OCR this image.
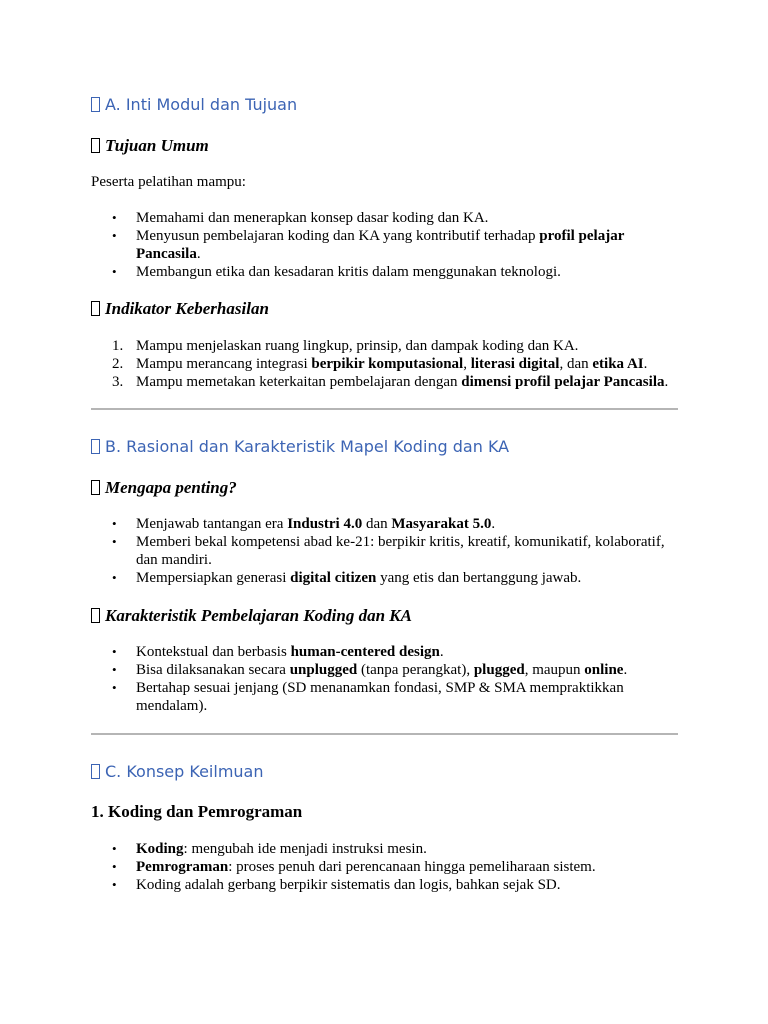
A. Inti Modul dan Tujuan
Tujuan Umum

Peserta pelatihan mampu:

• Memahami dan menerapkan konsep dasar koding dan KA.
• Menyusun pembelajaran koding dan KA yang kontributif terhadap profil pelajar Pancasila.
• Membangun etika dan kesadaran kritis dalam menggunakan teknologi.
Indikator Keberhasilan
1. Mampu menjelaskan ruang lingkup, prinsip, dan dampak koding dan KA.
2. Mampu merancang integrasi berpikir komputasional, literasi digital, dan etika AI.
3. Mampu memetakan keterkaitan pembelajaran dengan dimensi profil pelajar Pancasila.
B. Rasional dan Karakteristik Mapel Koding dan KA
Mengapa penting?
• Menjawab tantangan era Industri 4.0 dan Masyarakat 5.0.
• Memberi bekal kompetensi abad ke-21: berpikir kritis, kreatif, komunikatif, kolaboratif, dan mandiri.
• Mempersiapkan generasi digital citizen yang etis dan bertanggung jawab.
Karakteristik Pembelajaran Koding dan KA
• Kontekstual dan berbasis human-centered design.
• Bisa dilaksanakan secara unplugged (tanpa perangkat), plugged, maupun online.
• Bertahap sesuai jenjang (SD menanamkan fondasi, SMP & SMA mempraktikkan mendalam).
C. Konsep Keilmuan
1. Koding dan Pemrograman
• Koding: mengubah ide menjadi instruksi mesin.
• Pemrograman: proses penuh dari perencanaan hingga pemeliharaan sistem.
• Koding adalah gerbang berpikir sistematis dan logis, bahkan sejak SD.
